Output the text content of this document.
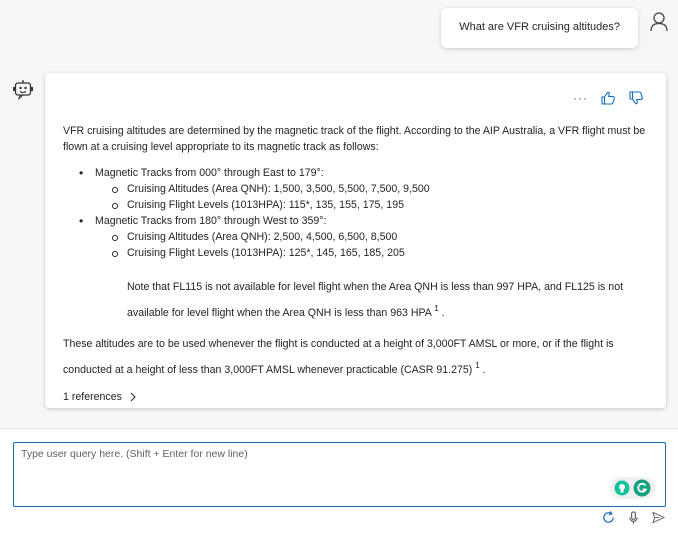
What are VFR cruising altitudes?
···

VFR cruising altitudes are determined by the magnetic track of the flight. According to the AIP Australia, a VFR flight must be flown at a cruising level appropriate to its magnetic track as follows:

• Magnetic Tracks from 000° through East to 179°:
Cruising Altitudes (Area QNH): 1,500, 3,500, 5,500, 7,500, 9,500
Cruising Flight Levels (1013HPA): 115*, 135, 155, 175, 195
• Magnetic Tracks from 180° through West to 359°:
Cruising Altitudes (Area QNH): 2,500, 4,500, 6,500, 8,500
Cruising Flight Levels (1013HPA): 125*, 145, 165, 185, 205
Note that FL115 is not available for level flight when the Area QNH is less than 997 HPA, and FL125 is not available for level flight when the Area QNH is less than 963 HPA $^1$ .
These altitudes are to be used whenever the flight is conducted at a height of 3,000FT AMSL or more, or if the flight is conducted at a height of less than 3,000FT AMSL whenever practicable (CASR 91.275) $^1$ .
1 references
Type user query here. (Shift + Enter for new line)
